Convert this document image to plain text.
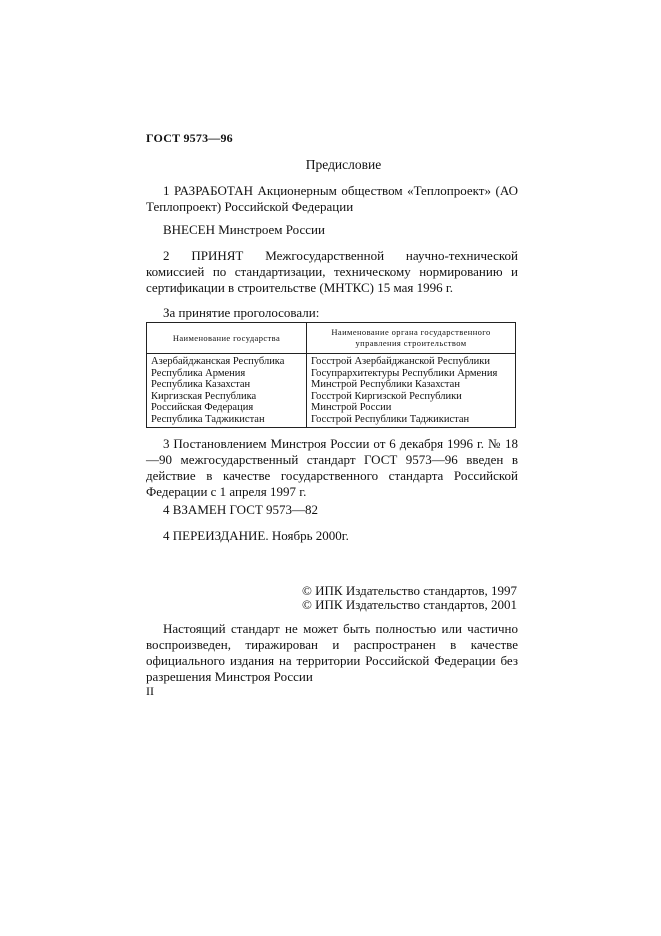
ГОСТ 9573—96
Предисловие
1 РАЗРАБОТАН Акционерным обществом «Теплопроект» (АО Теплопроект) Российской Федерации
ВНЕСЕН Минстроем России
2 ПРИНЯТ Межгосударственной научно-технической комиссией по стандартизации, техническому нормированию и сертификации в строительстве (МНТКС) 15 мая 1996 г.
За принятие проголосовали:
Наименование государства
Наименование органа государственного управления строительством
Азербайджанская Республика
Республика Армения
Республика Казахстан
Киргизская Республика
Российская Федерация
Республика Таджикистан
Госстрой Азербайджанской Республики
Госупрархитектуры Республики Армения
Минстрой Республики Казахстан
Госстрой Киргизской Республики
Минстрой России
Госстрой Республики Таджикистан
3 Постановлением Минстроя России от 6 декабря 1996 г. № 18—90 межгосударственный стандарт ГОСТ 9573—96 введен в действие в качестве государственного стандарта Российской Федерации с 1 апреля 1997 г.
4 ВЗАМЕН ГОСТ 9573—82
4 ПЕРЕИЗДАНИЕ. Ноябрь 2000г.
© ИПК Издательство стандартов, 1997
© ИПК Издательство стандартов, 2001
Настоящий стандарт не может быть полностью или частично воспроизведен, тиражирован и распространен в качестве официального издания на территории Российской Федерации без разрешения Минстроя России
II
